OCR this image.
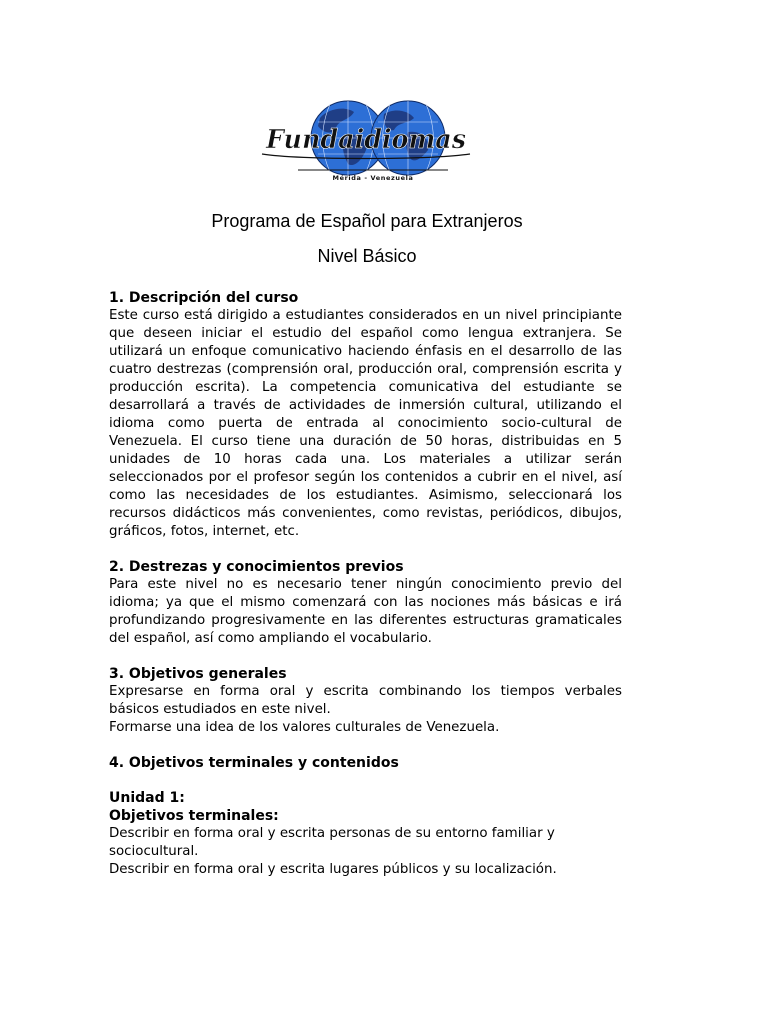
Fundaidiomas
Mérida - Venezuela
Programa de Español para Extranjeros
Nivel Básico
1. Descripción del curso

Este curso está dirigido a estudiantes considerados en un nivel principiante que deseen iniciar el estudio del español como lengua extranjera. Se utilizará un enfoque comunicativo haciendo énfasis en el desarrollo de las cuatro destrezas (comprensión oral, producción oral, comprensión escrita y producción escrita). La competencia comunicativa del estudiante se desarrollará a través de actividades de inmersión cultural, utilizando el idioma como puerta de entrada al conocimiento socio-cultural de Venezuela. El curso tiene una duración de 50 horas, distribuidas en 5 unidades de 10 horas cada una. Los materiales a utilizar serán seleccionados por el profesor según los contenidos a cubrir en el nivel, así como las necesidades de los estudiantes. Asimismo, seleccionará los recursos didácticos más convenientes, como revistas, periódicos, dibujos, gráficos, fotos, internet, etc.

2. Destrezas y conocimientos previos

Para este nivel no es necesario tener ningún conocimiento previo del idioma; ya que el mismo comenzará con las nociones más básicas e irá profundizando progresivamente en las diferentes estructuras gramaticales del español, así como ampliando el vocabulario.

3. Objetivos generales

Expresarse en forma oral y escrita combinando los tiempos verbales básicos estudiados en este nivel.

Formarse una idea de los valores culturales de Venezuela.

4. Objetivos terminales y contenidos
Unidad 1:
Objetivos terminales:

Describir en forma oral y escrita personas de su entorno familiar y sociocultural.

Describir en forma oral y escrita lugares públicos y su localización.
